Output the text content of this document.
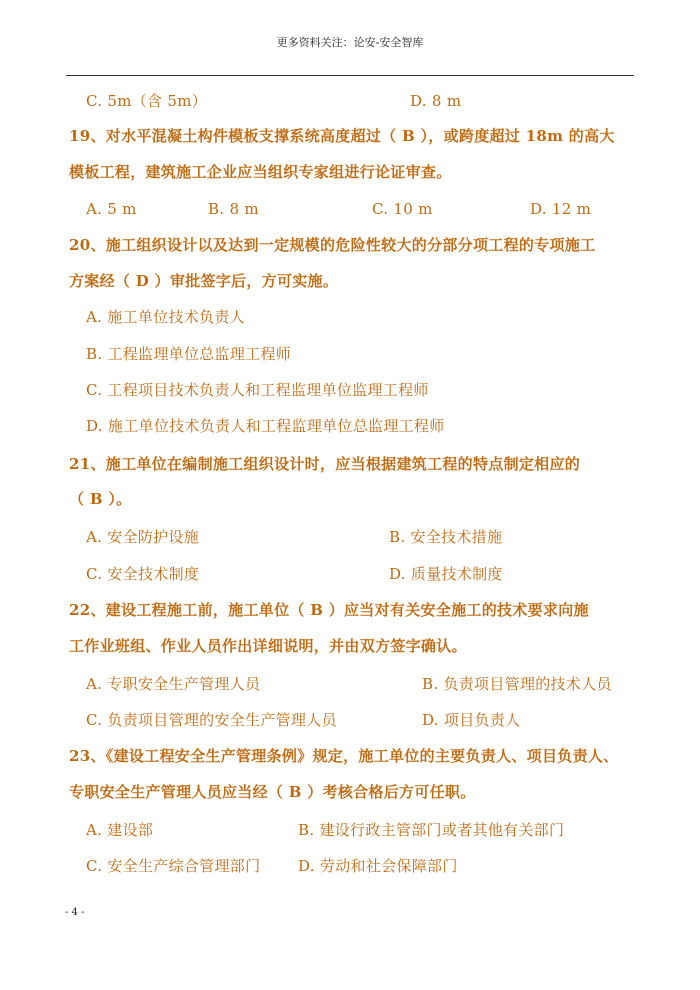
更多资料关注：论安-安全智库
C. 5m（含 5m）	D. 8 m
19、对水平混凝土构件模板支撑系统高度超过（ B ），或跨度超过 18m 的高大
模板工程，建筑施工企业应当组织专家组进行论证审查。
A. 5 m	B. 8 m	C. 10 m	D. 12 m
20、施工组织设计以及达到一定规模的危险性较大的分部分项工程的专项施工
方案经（ D ）审批签字后，方可实施。
A. 施工单位技术负责人
B. 工程监理单位总监理工程师
C. 工程项目技术负责人和工程监理单位监理工程师
D. 施工单位技术负责人和工程监理单位总监理工程师
21、施工单位在编制施工组织设计时，应当根据建筑工程的特点制定相应的
（ B ）。
A. 安全防护设施	B. 安全技术措施
C. 安全技术制度	D. 质量技术制度
22、建设工程施工前，施工单位（ B ）应当对有关安全施工的技术要求向施
工作业班组、作业人员作出详细说明，并由双方签字确认。
A. 专职安全生产管理人员	B. 负责项目管理的技术人员
C. 负责项目管理的安全生产管理人员	D. 项目负责人
23、《建设工程安全生产管理条例》规定，施工单位的主要负责人、项目负责人、
专职安全生产管理人员应当经（ B ）考核合格后方可任职。
A. 建设部	B. 建设行政主管部门或者其他有关部门
C. 安全生产综合管理部门	D. 劳动和社会保障部门
- 4 -
